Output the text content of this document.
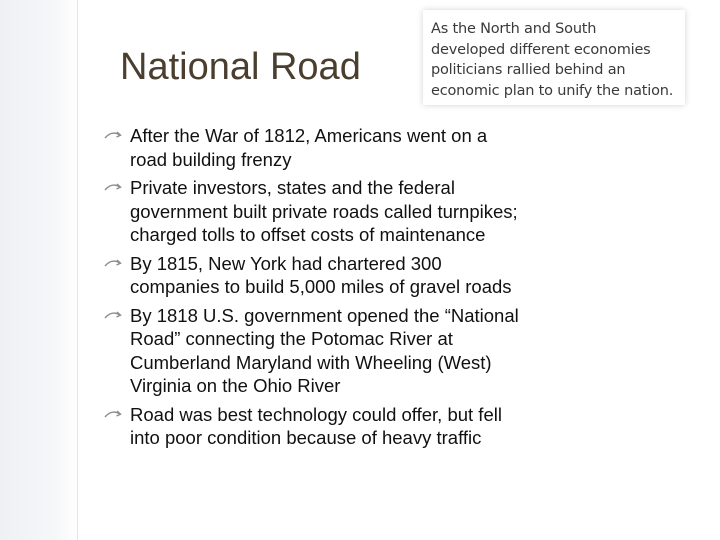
National Road
As the North and South
developed different economies
politicians rallied behind an
economic plan to unify the nation.
After the War of 1812, Americans went on a
road building frenzy
Private investors, states and the federal
government built private roads called turnpikes;
charged tolls to offset costs of maintenance
By 1815, New York had chartered 300
companies to build 5,000 miles of gravel roads
By 1818 U.S. government opened the “National
Road” connecting the Potomac River at
Cumberland Maryland with Wheeling (West)
Virginia on the Ohio River
Road was best technology could offer, but fell
into poor condition because of heavy traffic
